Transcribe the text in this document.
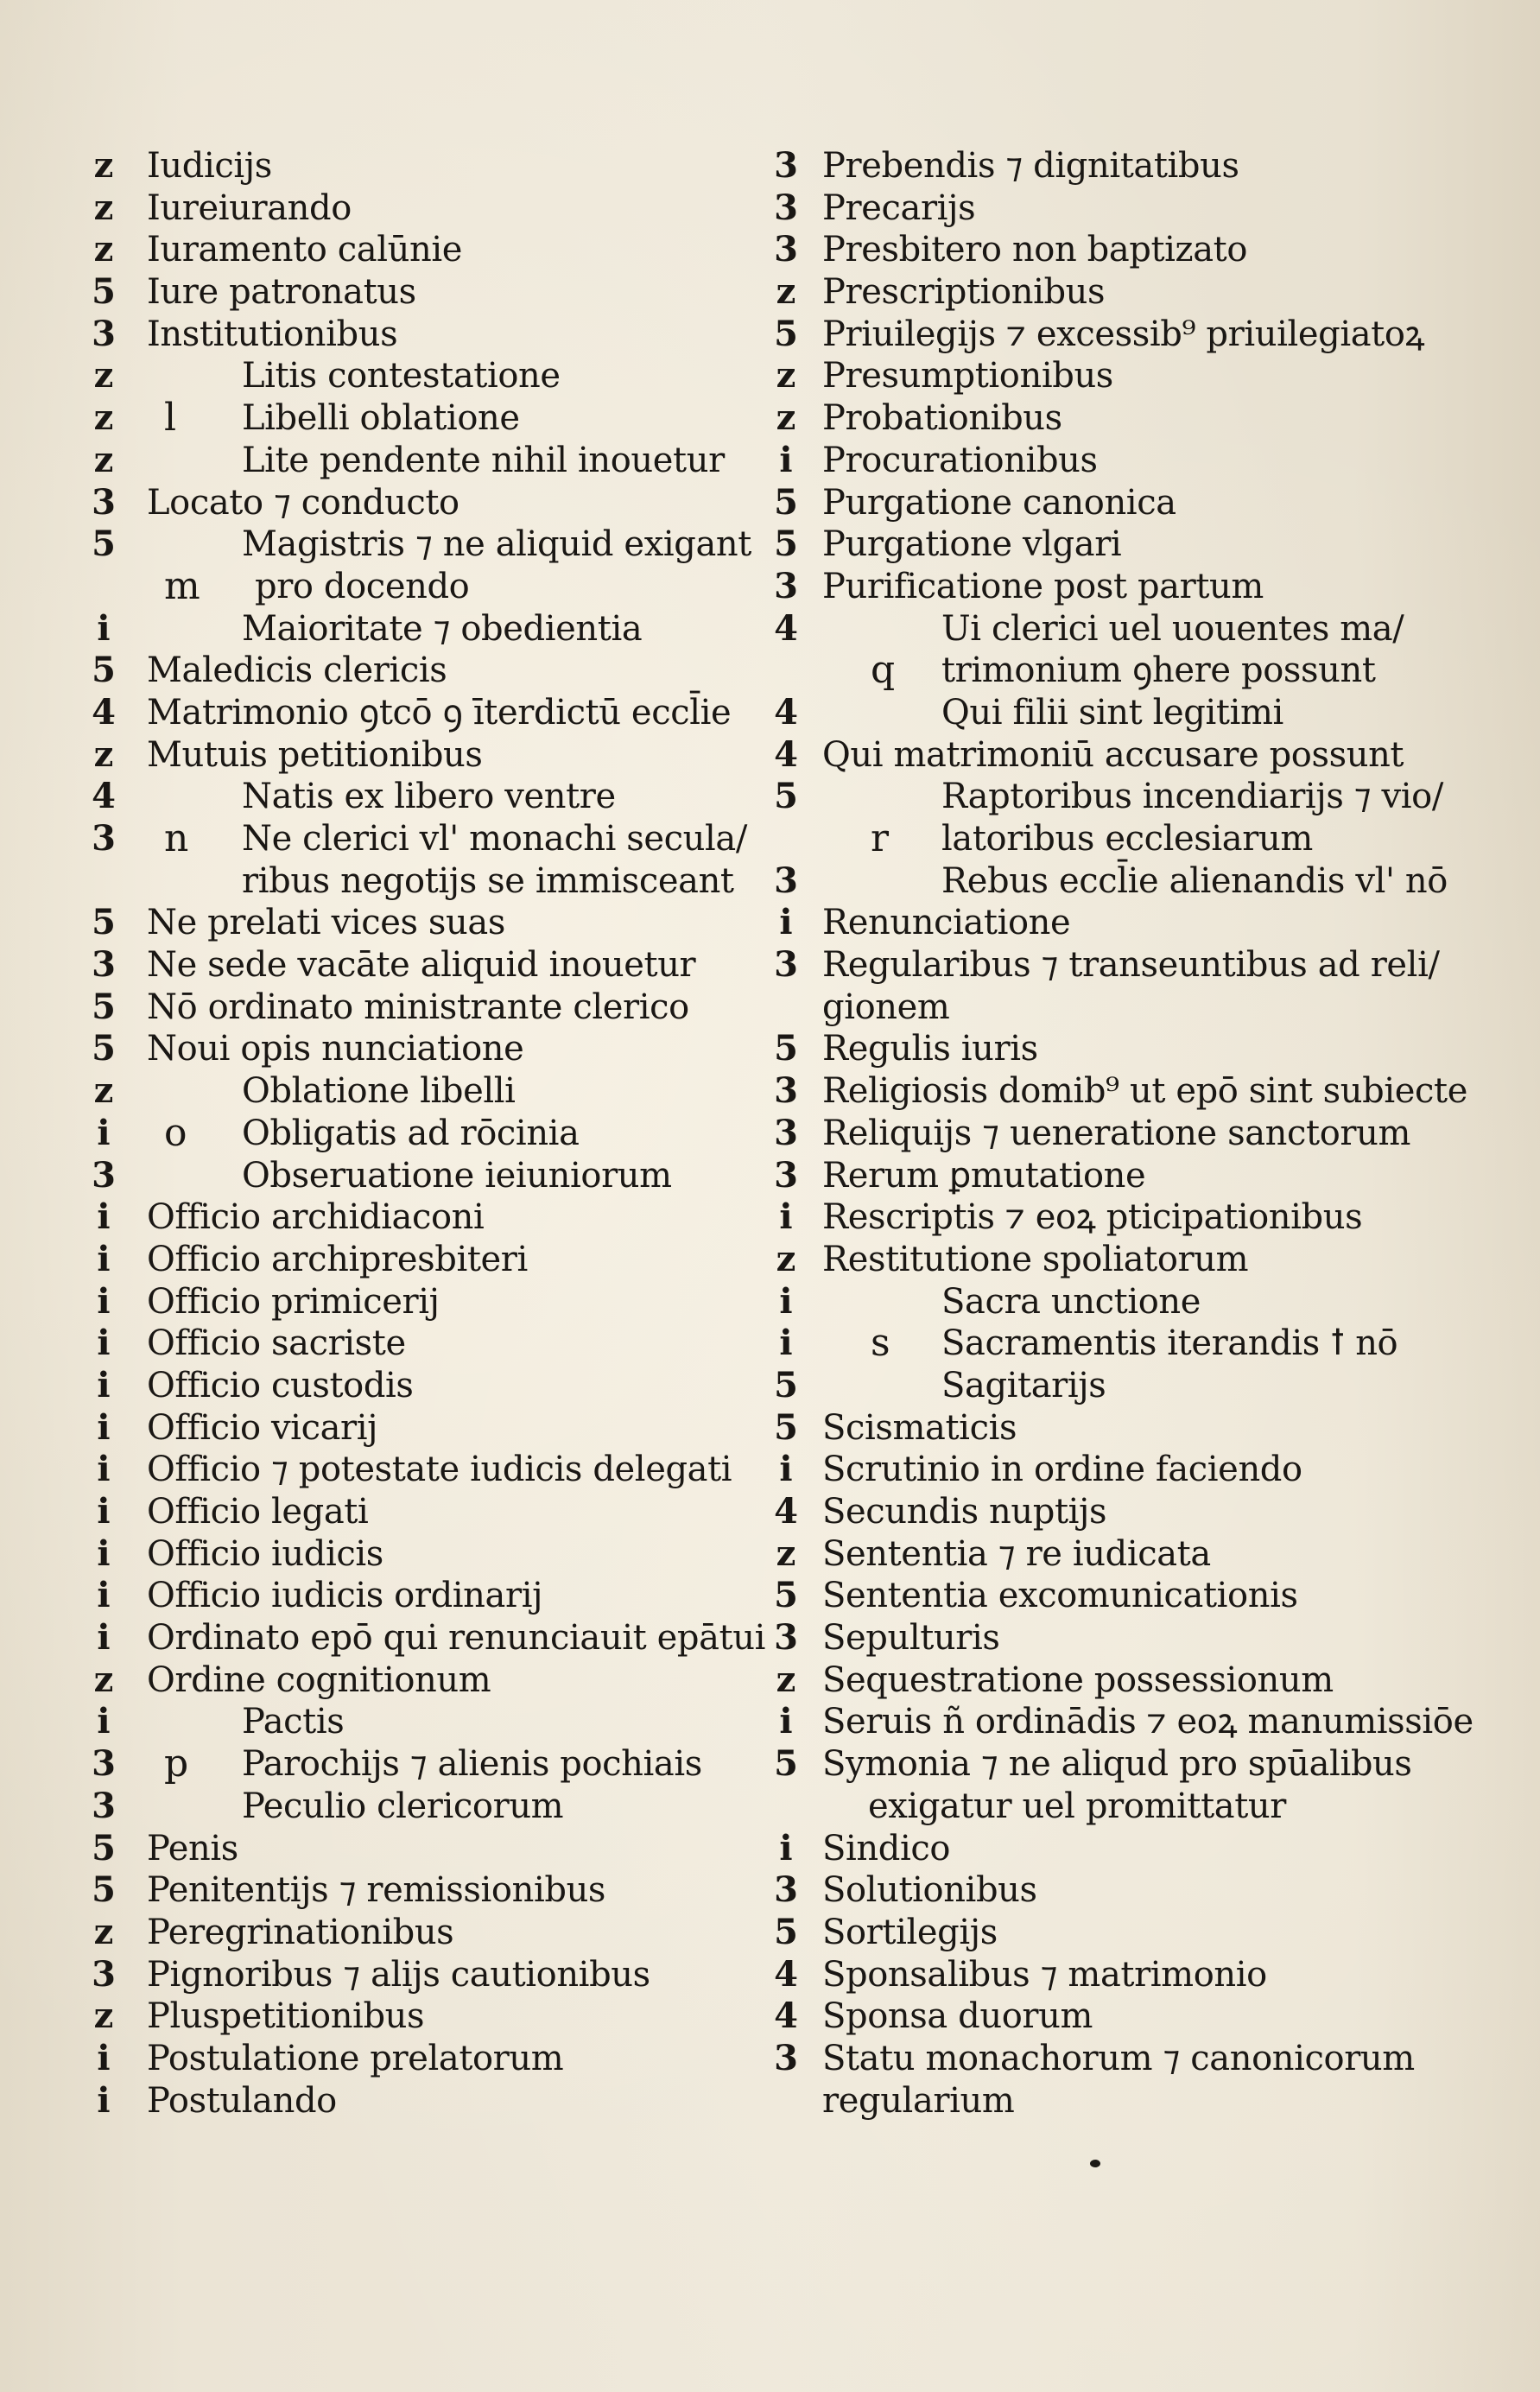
z Iudicijs
z Iureiurando
z Iuramento calūnie
5 Iure patronatus
3 Institutionibus
z	Litis contestatione
z l Libelli oblatione
z	Lite pendente nihil inouetur
3 Locato ⁊ conducto
5	Magistris ⁊ ne aliquid exigant
m pro docendo
i	Maioritate ⁊ obedientia
5 Maledicis clericis
4 Matrimonio ꝯtcō ꝯ īterdictū eccl̄ie
z Mutuis petitionibus
4	Natis ex libero ventre
3 n Ne clerici vl' monachi secula/
ribus negotijs se immisceant
5 Ne prelati vices suas
3 Ne sede vacāte aliquid inouetur
5 Nō ordinato ministrante clerico
5 Noui opis nunciatione
z	Oblatione libelli
i o Obligatis ad rōcinia
3	Obseruatione ieiuniorum
i	Officio archidiaconi
i	Officio archipresbiteri
i	Officio primicerij
i	Officio sacriste
i	Officio custodis
i	Officio vicarij
i	Officio ⁊ potestate iudicis delegati
i	Officio legati
i	Officio iudicis
i	Officio iudicis ordinarij
i	Ordinato epō qui renunciauit epātui
z Ordine cognitionum
i	Pactis
3 p Parochijs ⁊ alienis pochiais
3	Peculio clericorum
5 Penis
5 Penitentijs ⁊ remissionibus
z Peregrinationibus
3 Pignoribus ⁊ alijs cautionibus
z Pluspetitionibus
i	Postulatione prelatorum
i	Postulando
3 Prebendis ⁊ dignitatibus
3 Precarijs
3 Presbitero non baptizato
z Prescriptionibus
5 Priuilegijs ⁊ excessib⁹ priuilegiatoꝝ
z Presumptionibus
z Probationibus
i Procurationibus
5 Purgatione canonica
5 Purgatione vlgari
3 Purificatione post partum
4	Ui clerici uel uouentes ma/
q trimonium ꝯhere possunt
4	Qui filii sint legitimi
4 Qui matrimoniū accusare possunt
5	Raptoribus incendiarijs ⁊ vio/
r latoribus ecclesiarum
3	Rebus eccl̄ie alienandis vl' nō
i Renunciatione
3 Regularibus ⁊ transeuntibus ad reli/
gionem
5 Regulis iuris
3 Religiosis domib⁹ ut epō sint subiecte
3 Reliquijs ⁊ ueneratione sanctorum
3 Rerum ꝑmutatione
i Rescriptis ⁊ eoꝝ pticipationibus
z Restitutione spoliatorum
i	Sacra unctione
i s Sacramentis iterandis ꝉ nō
5	Sagitarijs
5 Scismaticis
i Scrutinio in ordine faciendo
4 Secundis nuptijs
z Sententia ⁊ re iudicata
5 Sententia excomunicationis
3 Sepulturis
z Sequestratione possessionum
i Seruis ñ ordinādis ⁊ eoꝝ manumissiōe
5 Symonia ⁊ ne aliqud pro spūalibus
exigatur uel promittatur
i Sindico
3 Solutionibus
5 Sortilegijs
4 Sponsalibus ⁊ matrimonio
4 Sponsa duorum
3 Statu monachorum ⁊ canonicorum
regularium
